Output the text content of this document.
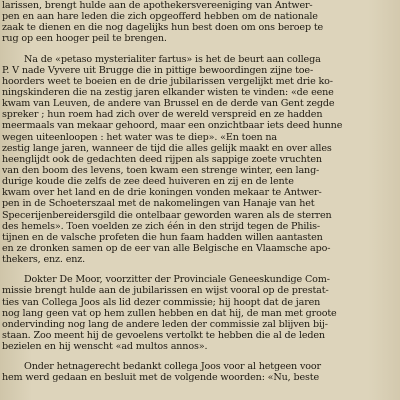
larissen, brengt hulde aan de apothekersvereeniging van Antwer-
pen en aan hare leden die zich opgeofferd hebben om de nationale
zaak te dienen en die nog dagelijks hun best doen om ons beroep te
rug op een hooger peil te brengen.
Na de «petaso mysterialiter fartus» is het de beurt aan collega
P. V nade Vyvere uit Brugge die in pittige bewoordingen zijne toe-
hoorders weet te boeien en de drie jubilarissen vergelijkt met drie ko-
ningskinderen die na zestig jaren elkander wisten te vinden: «de eene
kwam van Leuven, de andere van Brussel en de derde van Gent zegde
spreker ; hun roem had zich over de wereld verspreid en ze hadden
meermaals van mekaar gehoord, maar een onzichtbaar iets deed hunne
wegen uiteenloopen : het water was te diep». «En toen na
zestig lange jaren, wanneer de tijd die alles gelijk maakt en over alles
heenglijdt ook de gedachten deed rijpen als sappige zoete vruchten
van den boom des levens, toen kwam een strenge winter, een lang-
durige koude die zelfs de zee deed huiveren en zij en de lente
kwam over het land en de drie koningen vonden mekaar te Antwer-
pen in de Schoeterszaal met de nakomelingen van Hanaje van het
Specerijenbereidersgild die ontelbaar geworden waren als de sterren
des hemels». Toen voelden ze zich één in den strijd tegen de Philis-
tijnen en de valsche profeten die hun faam hadden willen aantasten
en ze dronken samen op de eer van alle Belgische en Vlaamsche apo-
thekers, enz. enz.
Dokter De Moor, voorzitter der Provinciale Geneeskundige Com-
missie brengt hulde aan de jubilarissen en wijst vooral op de prestat-
ties van Collega Joos als lid dezer commissie; hij hoopt dat de jaren
nog lang geen vat op hem zullen hebben en dat hij, de man met groote
ondervinding nog lang de andere leden der commissie zal blijven bij-
staan. Zoo meent hij de gevoelens vertolkt te hebben die al de leden
bezielen en hij wenscht «ad multos annos».
Onder hetnagerecht bedankt collega Joos voor al hetgeen voor
hem werd gedaan en besluit met de volgende woorden: «Nu, beste
